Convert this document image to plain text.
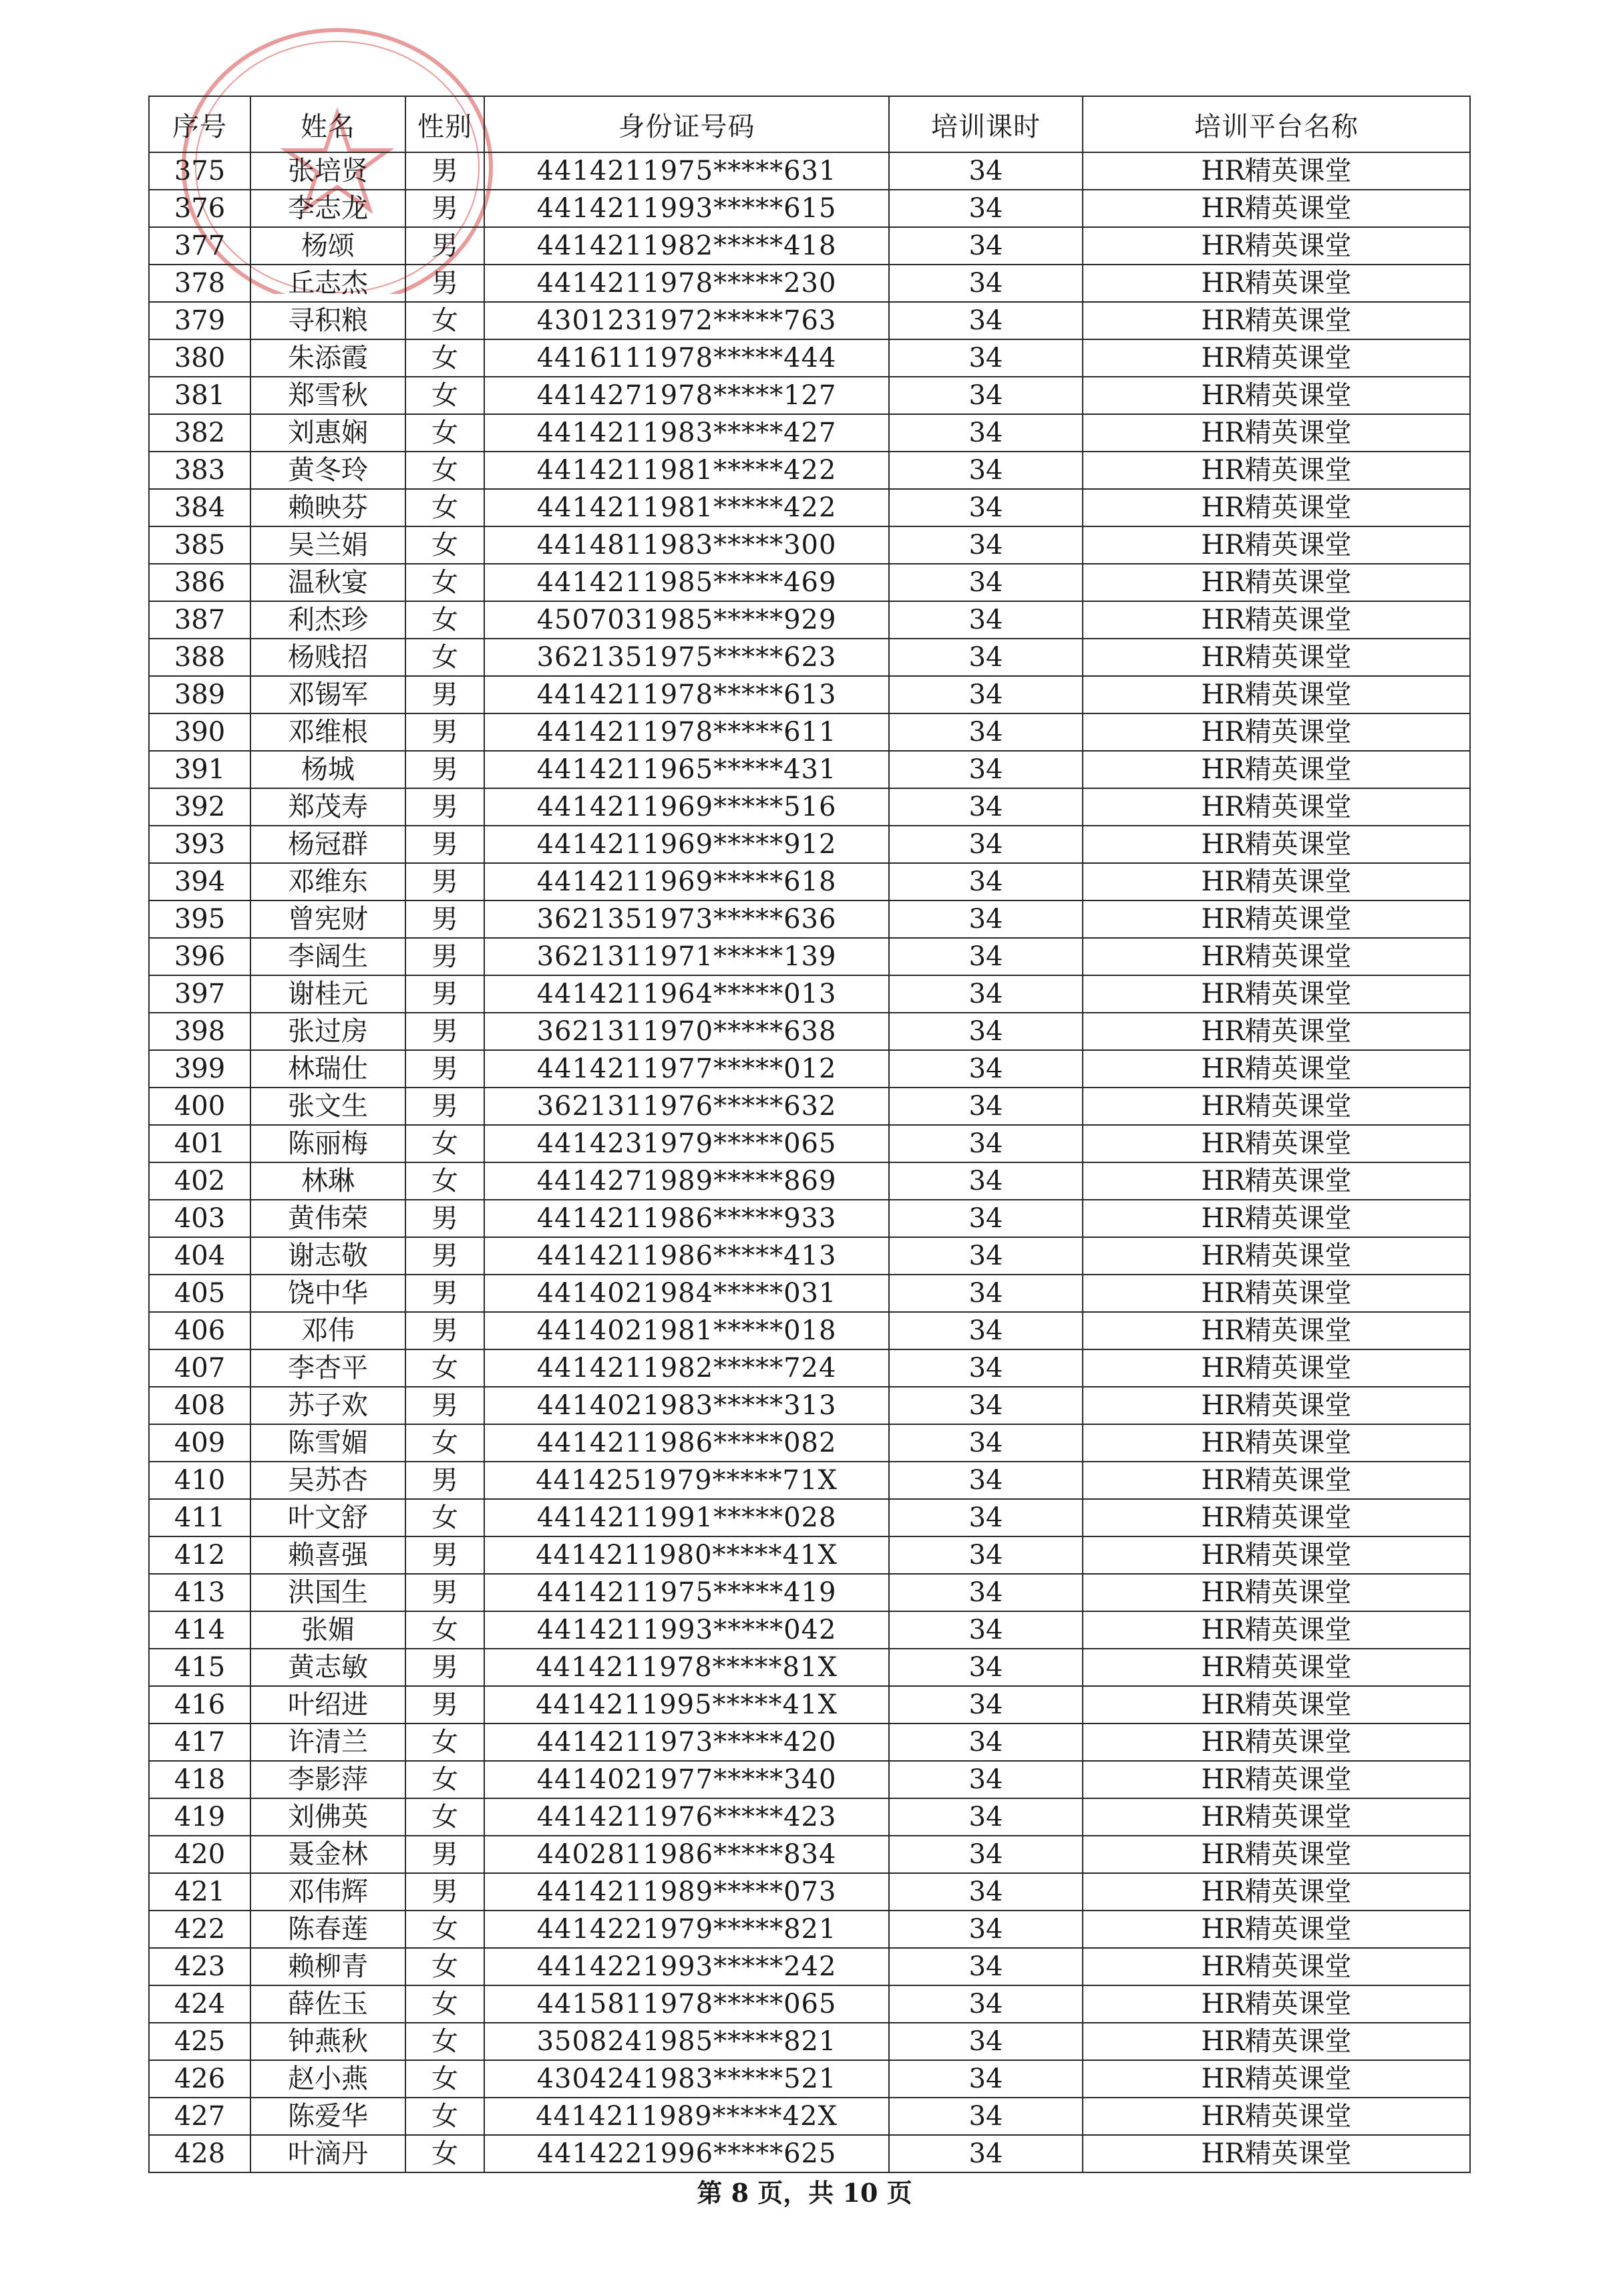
序号	姓名	性别	身份证号码	培训课时	培训平台名称
375	张培贤	男	4414211975*****631	34	HR精英课堂
376	李志龙	男	4414211993*****615	34	HR精英课堂
377	杨颂	男	4414211982*****418	34	HR精英课堂
378	丘志杰	男	4414211978*****230	34	HR精英课堂
379	寻积粮	女	4301231972*****763	34	HR精英课堂
380	朱添霞	女	4416111978*****444	34	HR精英课堂
381	郑雪秋	女	4414271978*****127	34	HR精英课堂
382	刘惠娴	女	4414211983*****427	34	HR精英课堂
383	黄冬玲	女	4414211981*****422	34	HR精英课堂
384	赖映芬	女	4414211981*****422	34	HR精英课堂
385	吴兰娟	女	4414811983*****300	34	HR精英课堂
386	温秋宴	女	4414211985*****469	34	HR精英课堂
387	利杰珍	女	4507031985*****929	34	HR精英课堂
388	杨贱招	女	3621351975*****623	34	HR精英课堂
389	邓锡军	男	4414211978*****613	34	HR精英课堂
390	邓维根	男	4414211978*****611	34	HR精英课堂
391	杨城	男	4414211965*****431	34	HR精英课堂
392	郑茂寿	男	4414211969*****516	34	HR精英课堂
393	杨冠群	男	4414211969*****912	34	HR精英课堂
394	邓维东	男	4414211969*****618	34	HR精英课堂
395	曾宪财	男	3621351973*****636	34	HR精英课堂
396	李阔生	男	3621311971*****139	34	HR精英课堂
397	谢桂元	男	4414211964*****013	34	HR精英课堂
398	张过房	男	3621311970*****638	34	HR精英课堂
399	林瑞仕	男	4414211977*****012	34	HR精英课堂
400	张文生	男	3621311976*****632	34	HR精英课堂
401	陈丽梅	女	4414231979*****065	34	HR精英课堂
402	林琳	女	4414271989*****869	34	HR精英课堂
403	黄伟荣	男	4414211986*****933	34	HR精英课堂
404	谢志敬	男	4414211986*****413	34	HR精英课堂
405	饶中华	男	4414021984*****031	34	HR精英课堂
406	邓伟	男	4414021981*****018	34	HR精英课堂
407	李杏平	女	4414211982*****724	34	HR精英课堂
408	苏子欢	男	4414021983*****313	34	HR精英课堂
409	陈雪媚	女	4414211986*****082	34	HR精英课堂
410	吴苏杏	男	4414251979*****71X	34	HR精英课堂
411	叶文舒	女	4414211991*****028	34	HR精英课堂
412	赖喜强	男	4414211980*****41X	34	HR精英课堂
413	洪国生	男	4414211975*****419	34	HR精英课堂
414	张媚	女	4414211993*****042	34	HR精英课堂
415	黄志敏	男	4414211978*****81X	34	HR精英课堂
416	叶绍进	男	4414211995*****41X	34	HR精英课堂
417	许清兰	女	4414211973*****420	34	HR精英课堂
418	李影萍	女	4414021977*****340	34	HR精英课堂
419	刘佛英	女	4414211976*****423	34	HR精英课堂
420	聂金林	男	4402811986*****834	34	HR精英课堂
421	邓伟辉	男	4414211989*****073	34	HR精英课堂
422	陈春莲	女	4414221979*****821	34	HR精英课堂
423	赖柳青	女	4414221993*****242	34	HR精英课堂
424	薛佐玉	女	4415811978*****065	34	HR精英课堂
425	钟燕秋	女	3508241985*****821	34	HR精英课堂
426	赵小燕	女	4304241983*****521	34	HR精英课堂
427	陈爱华	女	4414211989*****42X	34	HR精英课堂
428	叶滴丹	女	4414221996*****625	34	HR精英课堂
第 8 页，共 10 页
